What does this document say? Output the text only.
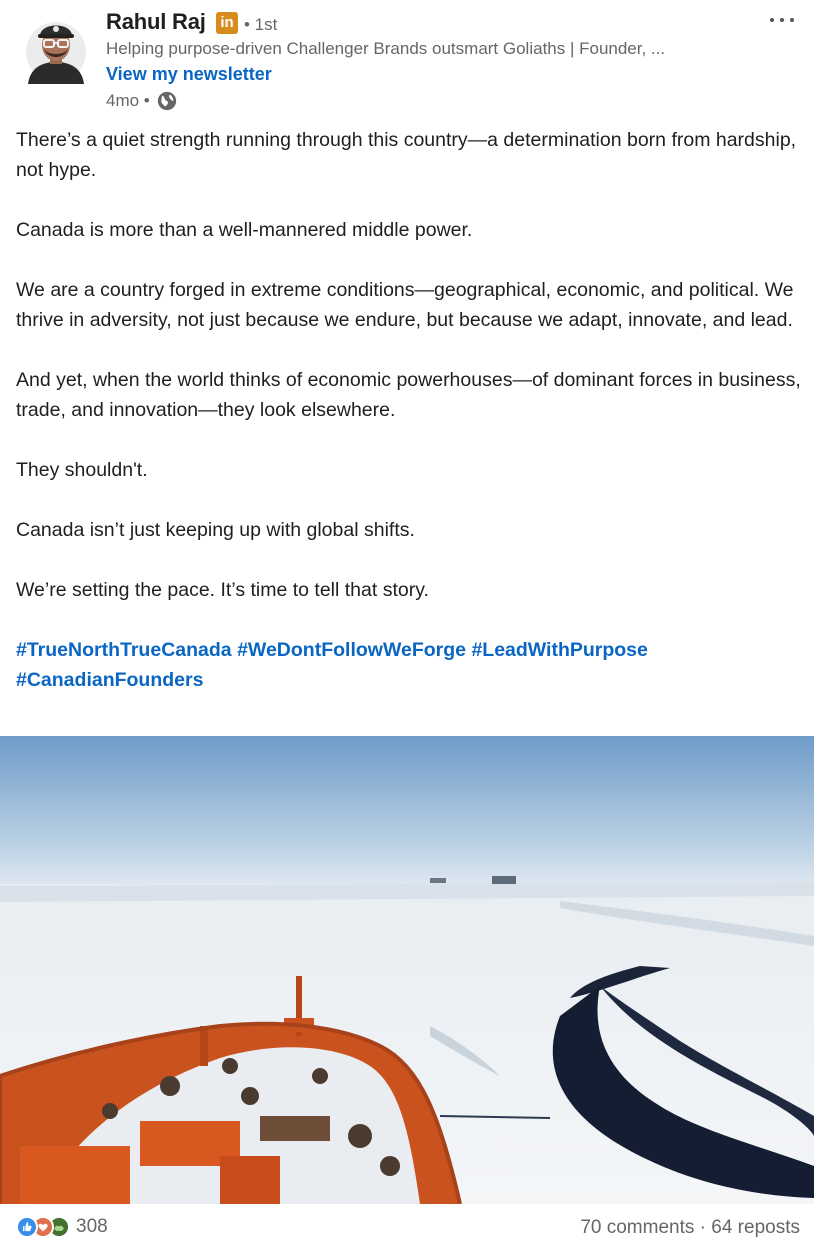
Rahul Raj in • 1st
Helping purpose-driven Challenger Brands outsmart Goliaths | Founder, ...
View my newsletter
4mo •

There’s a quiet strength running through this country—a determination born from hardship, not hype.

Canada is more than a well-mannered middle power.

We are a country forged in extreme conditions—geographical, economic, and political. We thrive in adversity, not just because we endure, but because we adapt, innovate, and lead.

And yet, when the world thinks of economic powerhouses—of dominant forces in business, trade, and innovation—they look elsewhere.

They shouldn't.

Canada isn’t just keeping up with global shifts.

We’re setting the pace. It’s time to tell that story.

#TrueNorthTrueCanada #WeDontFollowWeForge #LeadWithPurpose #CanadianFounders

308	70 comments · 64 reposts
